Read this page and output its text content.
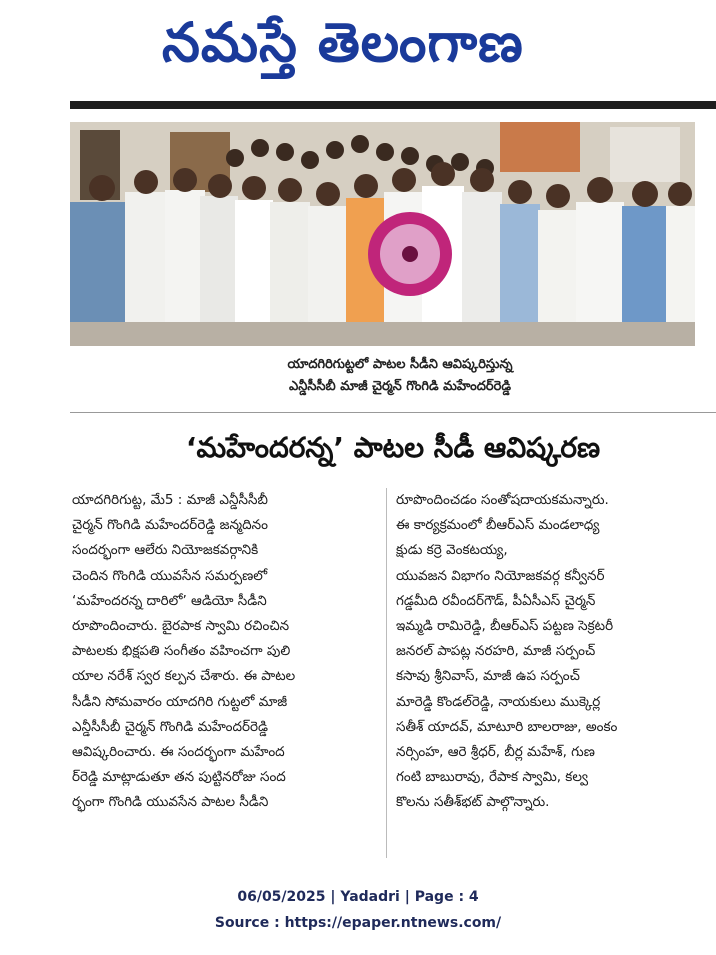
నమస్తే తెలంగాణ
యాదగిరిగుట్టలో పాటల సీడీని ఆవిష్కరిస్తున్న
ఎన్డీసీసీబీ మాజీ చైర్మన్ గొంగిడి మహేందర్‌రెడ్డి
‘మహేందరన్న’ పాటల సీడీ ఆవిష్కరణ
యాదగిరిగుట్ట, మే5 : మాజీ ఎన్డీసీసీబీ
చైర్మన్ గొంగిడి మహేందర్‌రెడ్డి జన్మదినం
సందర్భంగా ఆలేరు నియోజకవర్గానికి
చెందిన గొంగిడి యువసేన సమర్పణలో
‘మహేందరన్న దారిలో’ ఆడియో సీడీని
రూపొందించారు. బైరపాక స్వామి రచించిన
పాటలకు భిక్షపతి సంగీతం వహించగా పులి
యాల నరేశ్ స్వర కల్పన చేశారు. ఈ పాటల
సీడీని సోమవారం యాదగిరి గుట్టలో మాజీ
ఎన్డీసీసీబీ చైర్మన్ గొంగిడి మహేందర్‌రెడ్డి
ఆవిష్కరించారు. ఈ సందర్భంగా మహేంద
ర్‌రెడ్డి మాట్లాడుతూ తన పుట్టినరోజు సంద
ర్భంగా గొంగిడి యువసేన పాటల సీడీని
రూపొందించడం సంతోషదాయకమన్నారు.
ఈ కార్యక్రమంలో బీఆర్ఎస్ మండలాధ్య
క్షుడు కర్రె వెంకటయ్య,
యువజన విభాగం నియోజకవర్గ కన్వీనర్
గడ్డమీది రవీందర్‌గౌడ్, పీఏసీఎస్ చైర్మన్
ఇమ్మడి రామిరెడ్డి, బీఆర్ఎస్ పట్టణ సెక్రటరీ
జనరల్ పాపట్ల నరహరి, మాజీ సర్పంచ్
కసావు శ్రీనివాస్, మాజీ ఉప సర్పంచ్
మారెడ్డి కొండల్‌రెడ్డి, నాయకులు ముక్కెర్ల
సతీశ్ యాదవ్, మాటూరి బాలరాజు, అంకం
నర్సింహ, ఆరె శ్రీధర్, బీర్ల మహేశ్, గుణ
గంటి బాబురావు, రేపాక స్వామి, కల్వ
కొలను సతీశ్‌భట్ పాల్గొన్నారు.
06/05/2025 | Yadadri | Page : 4
Source : https://epaper.ntnews.com/
